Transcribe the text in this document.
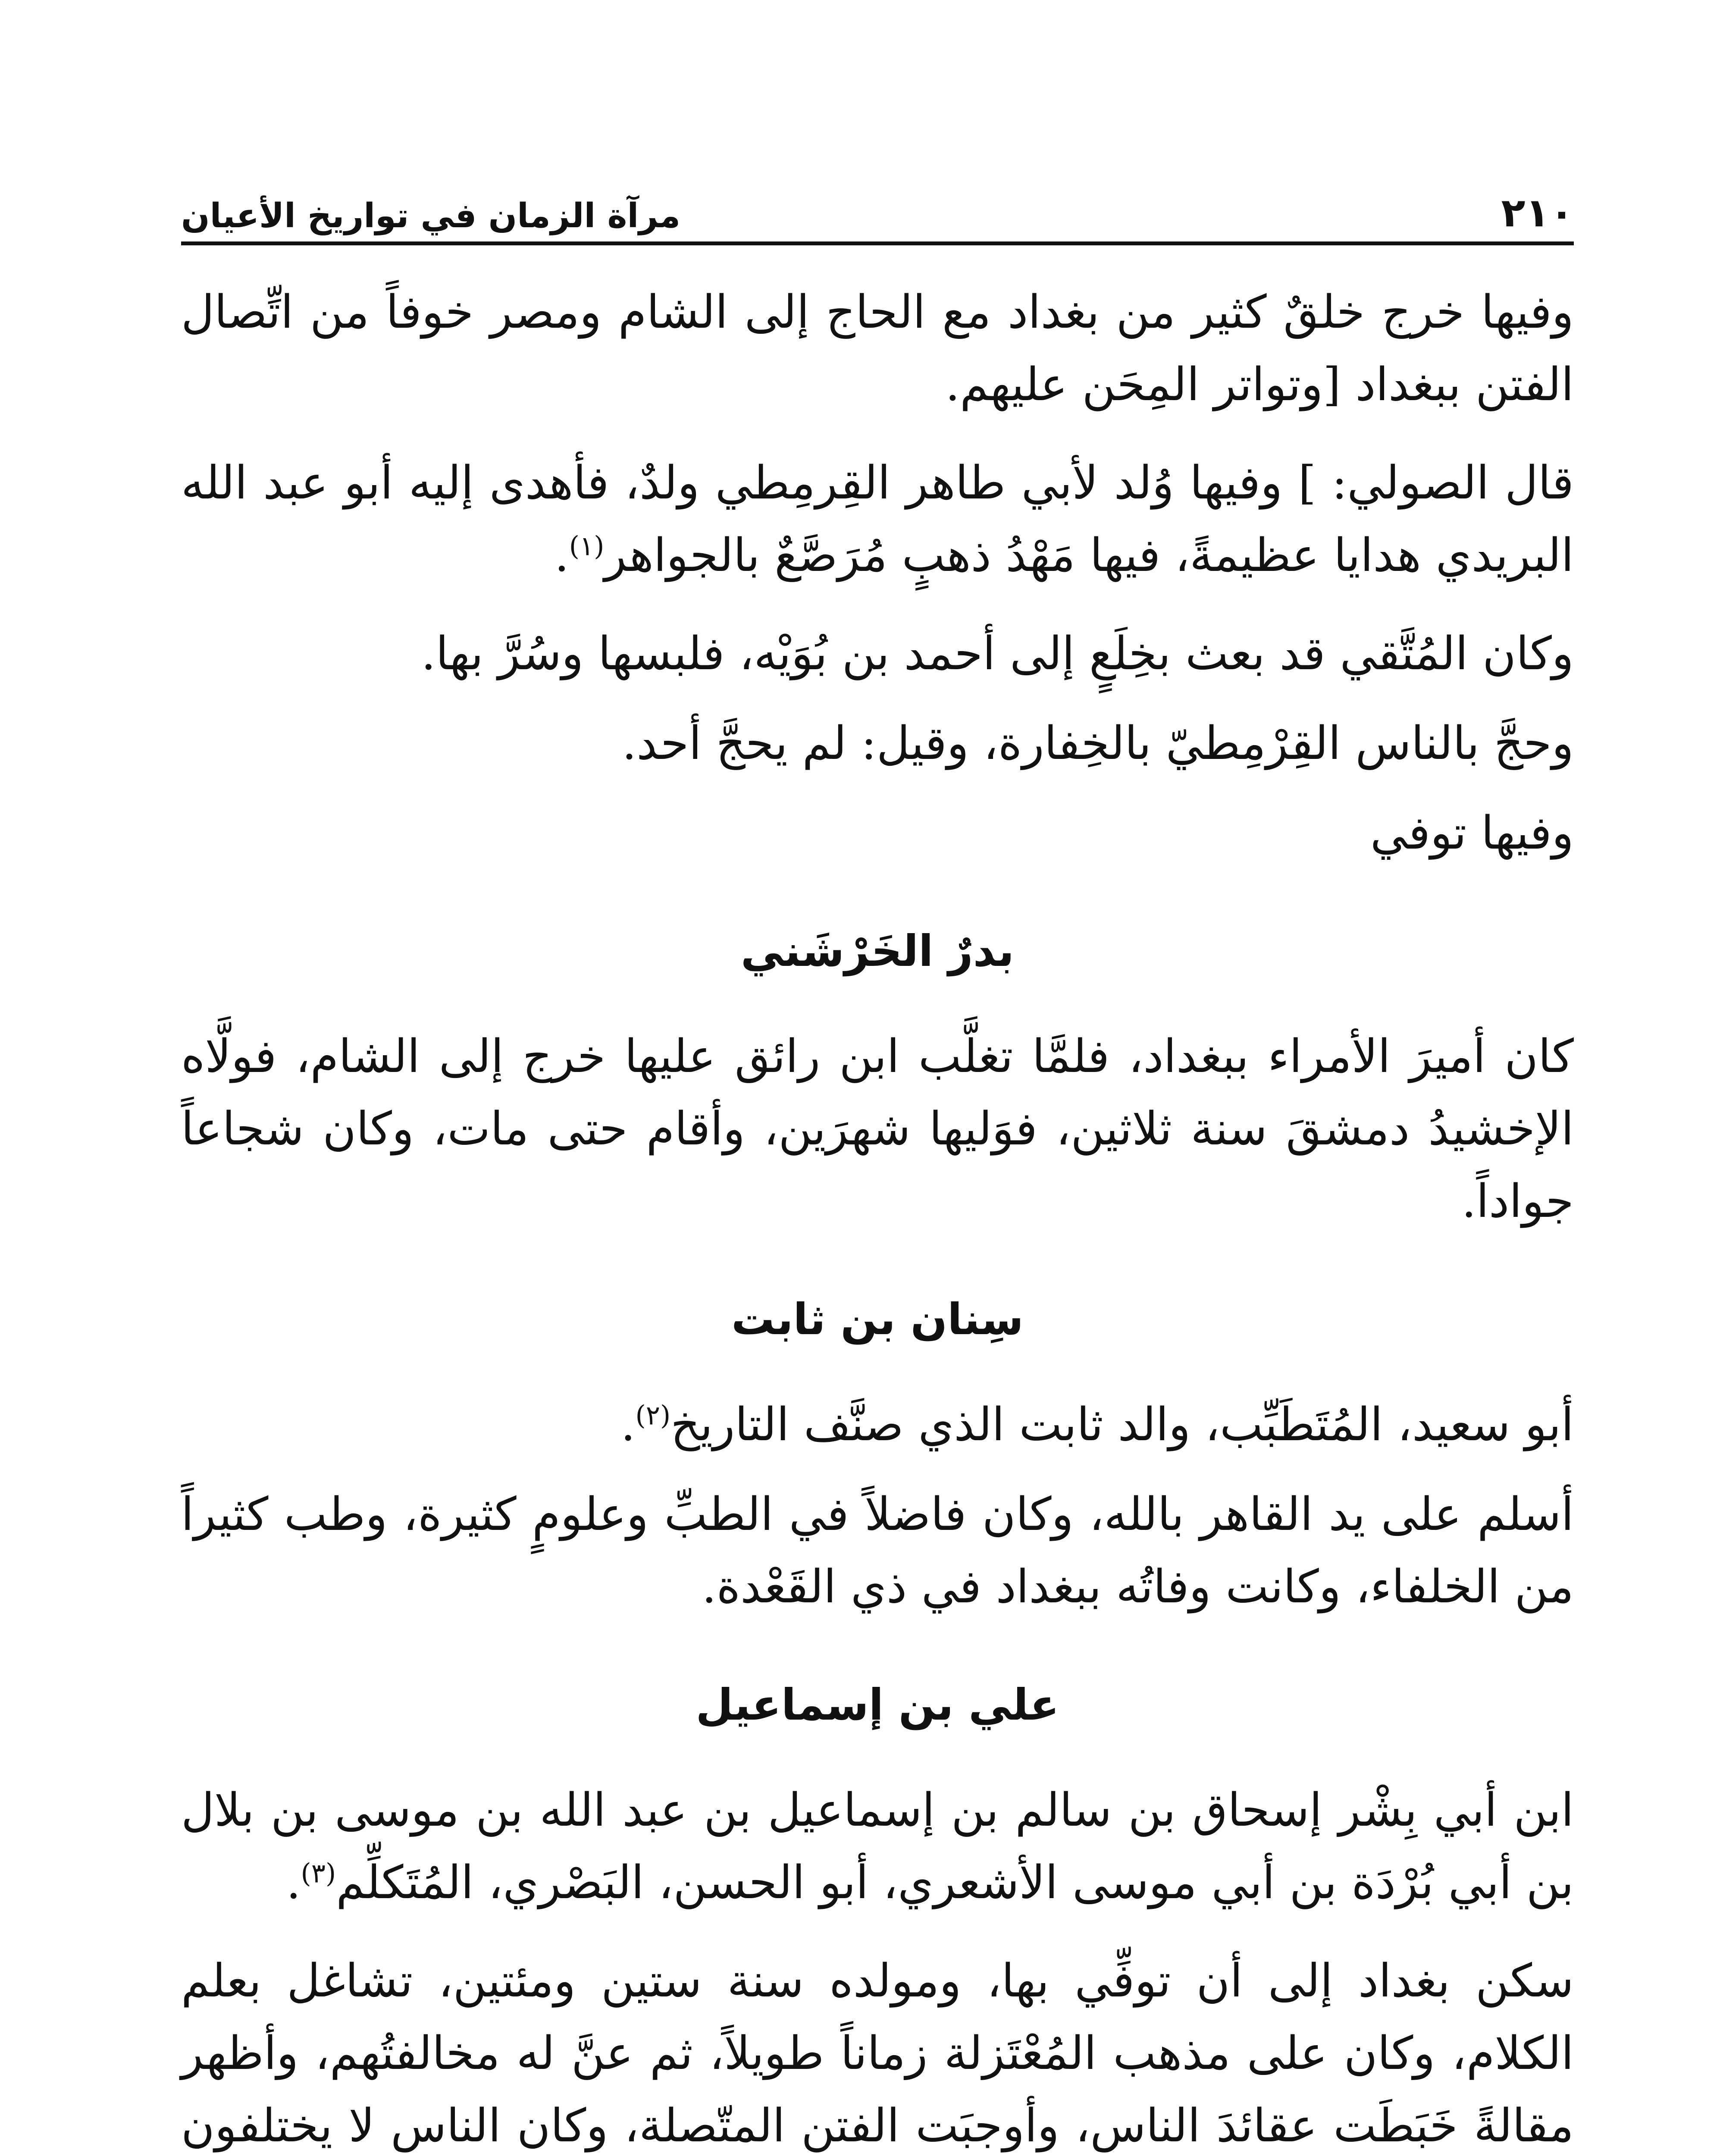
٢١٠
مرآة الزمان في تواريخ الأعيان

وفيها خرج خلقٌ كثير من بغداد مع الحاج إلى الشام ومصر خوفاً من اتِّصال الفتن ببغداد [وتواتر المِحَن عليهم.

قال الصولي: ] وفيها وُلد لأبي طاهر القِرمِطي ولدٌ، فأهدى إليه أبو عبد الله البريدي هدايا عظيمةً، فيها مَهْدُ ذهبٍ مُرَصَّعٌ بالجواهر$^{(١)}$.

وكان المُتَّقي قد بعث بخِلَعٍ إلى أحمد بن بُوَيْه، فلبسها وسُرَّ بها.

وحجَّ بالناس القِرْمِطيّ بالخِفارة، وقيل: لم يحجَّ أحد.

وفيها توفي

بدرٌ الخَرْشَني

كان أميرَ الأمراء ببغداد، فلمَّا تغلَّب ابن رائق عليها خرج إلى الشام، فولَّاه الإخشيدُ دمشقَ سنة ثلاثين، فوَليها شهرَين، وأقام حتى مات، وكان شجاعاً جواداً.

سِنان بن ثابت

أبو سعيد، المُتَطَبِّب، والد ثابت الذي صنَّف التاريخ$^{(٢)}$.

أسلم على يد القاهر بالله، وكان فاضلاً في الطبِّ وعلومٍ كثيرة، وطب كثيراً من الخلفاء، وكانت وفاتُه ببغداد في ذي القَعْدة.

علي بن إسماعيل

ابن أبي بِشْر إسحاق بن سالم بن إسماعيل بن عبد الله بن موسى بن بلال بن أبي بُرْدَة بن أبي موسى الأشعري، أبو الحسن، البَصْري، المُتَكلِّم$^{(٣)}$.

سكن بغداد إلى أن توفِّي بها، ومولده سنة ستين ومئتين، تشاغل بعلم الكلام، وكان على مذهب المُعْتَزلة زماناً طويلاً، ثم عنَّ له مخالفتُهم، وأظهر مقالةً خَبَطَت عقائدَ الناس، وأوجبَت الفتن المتّصلة، وكان الناس لا يختلفون
